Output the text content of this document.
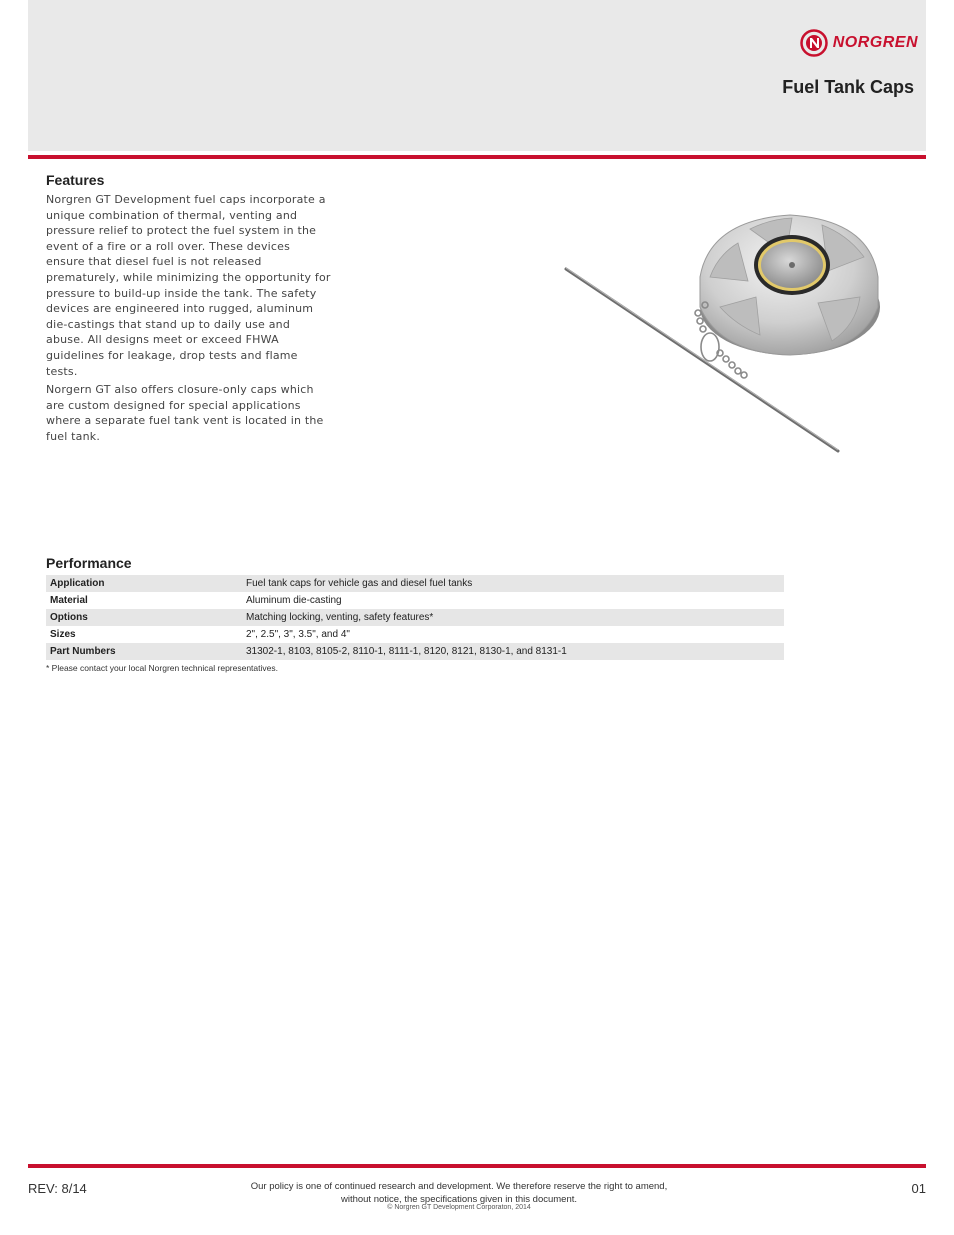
NORGREN
Fuel Tank Caps
Features

Norgren GT Development fuel caps incorporate a unique combination of thermal, venting and pressure relief to protect the fuel system in the event of a fire or a roll over. These devices ensure that diesel fuel is not released prematurely, while minimizing the opportunity for pressure to build-up inside the tank. The safety devices are engineered into rugged, aluminum die-castings that stand up to daily use and abuse. All designs meet or exceed FHWA guidelines for leakage, drop tests and flame tests.

Norgern GT also offers closure-only caps which are custom designed for special applications where a separate fuel tank vent is located in the fuel tank.

Performance
Application	Fuel tank caps for vehicle gas and diesel fuel tanks
Material	Aluminum die-casting
Options	Matching locking, venting, safety features*
Sizes	2", 2.5", 3", 3.5", and 4"
Part Numbers	31302-1, 8103, 8105-2, 8110-1, 8111-1, 8120, 8121, 8130-1, and 8131-1
* Please contact your local Norgren technical representatives.
REV: 8/14	Our policy is one of continued research and development. We therefore reserve the right to amend,
without notice, the specifications given in this document.
© Norgren GT Development Corporaton, 2014
01
